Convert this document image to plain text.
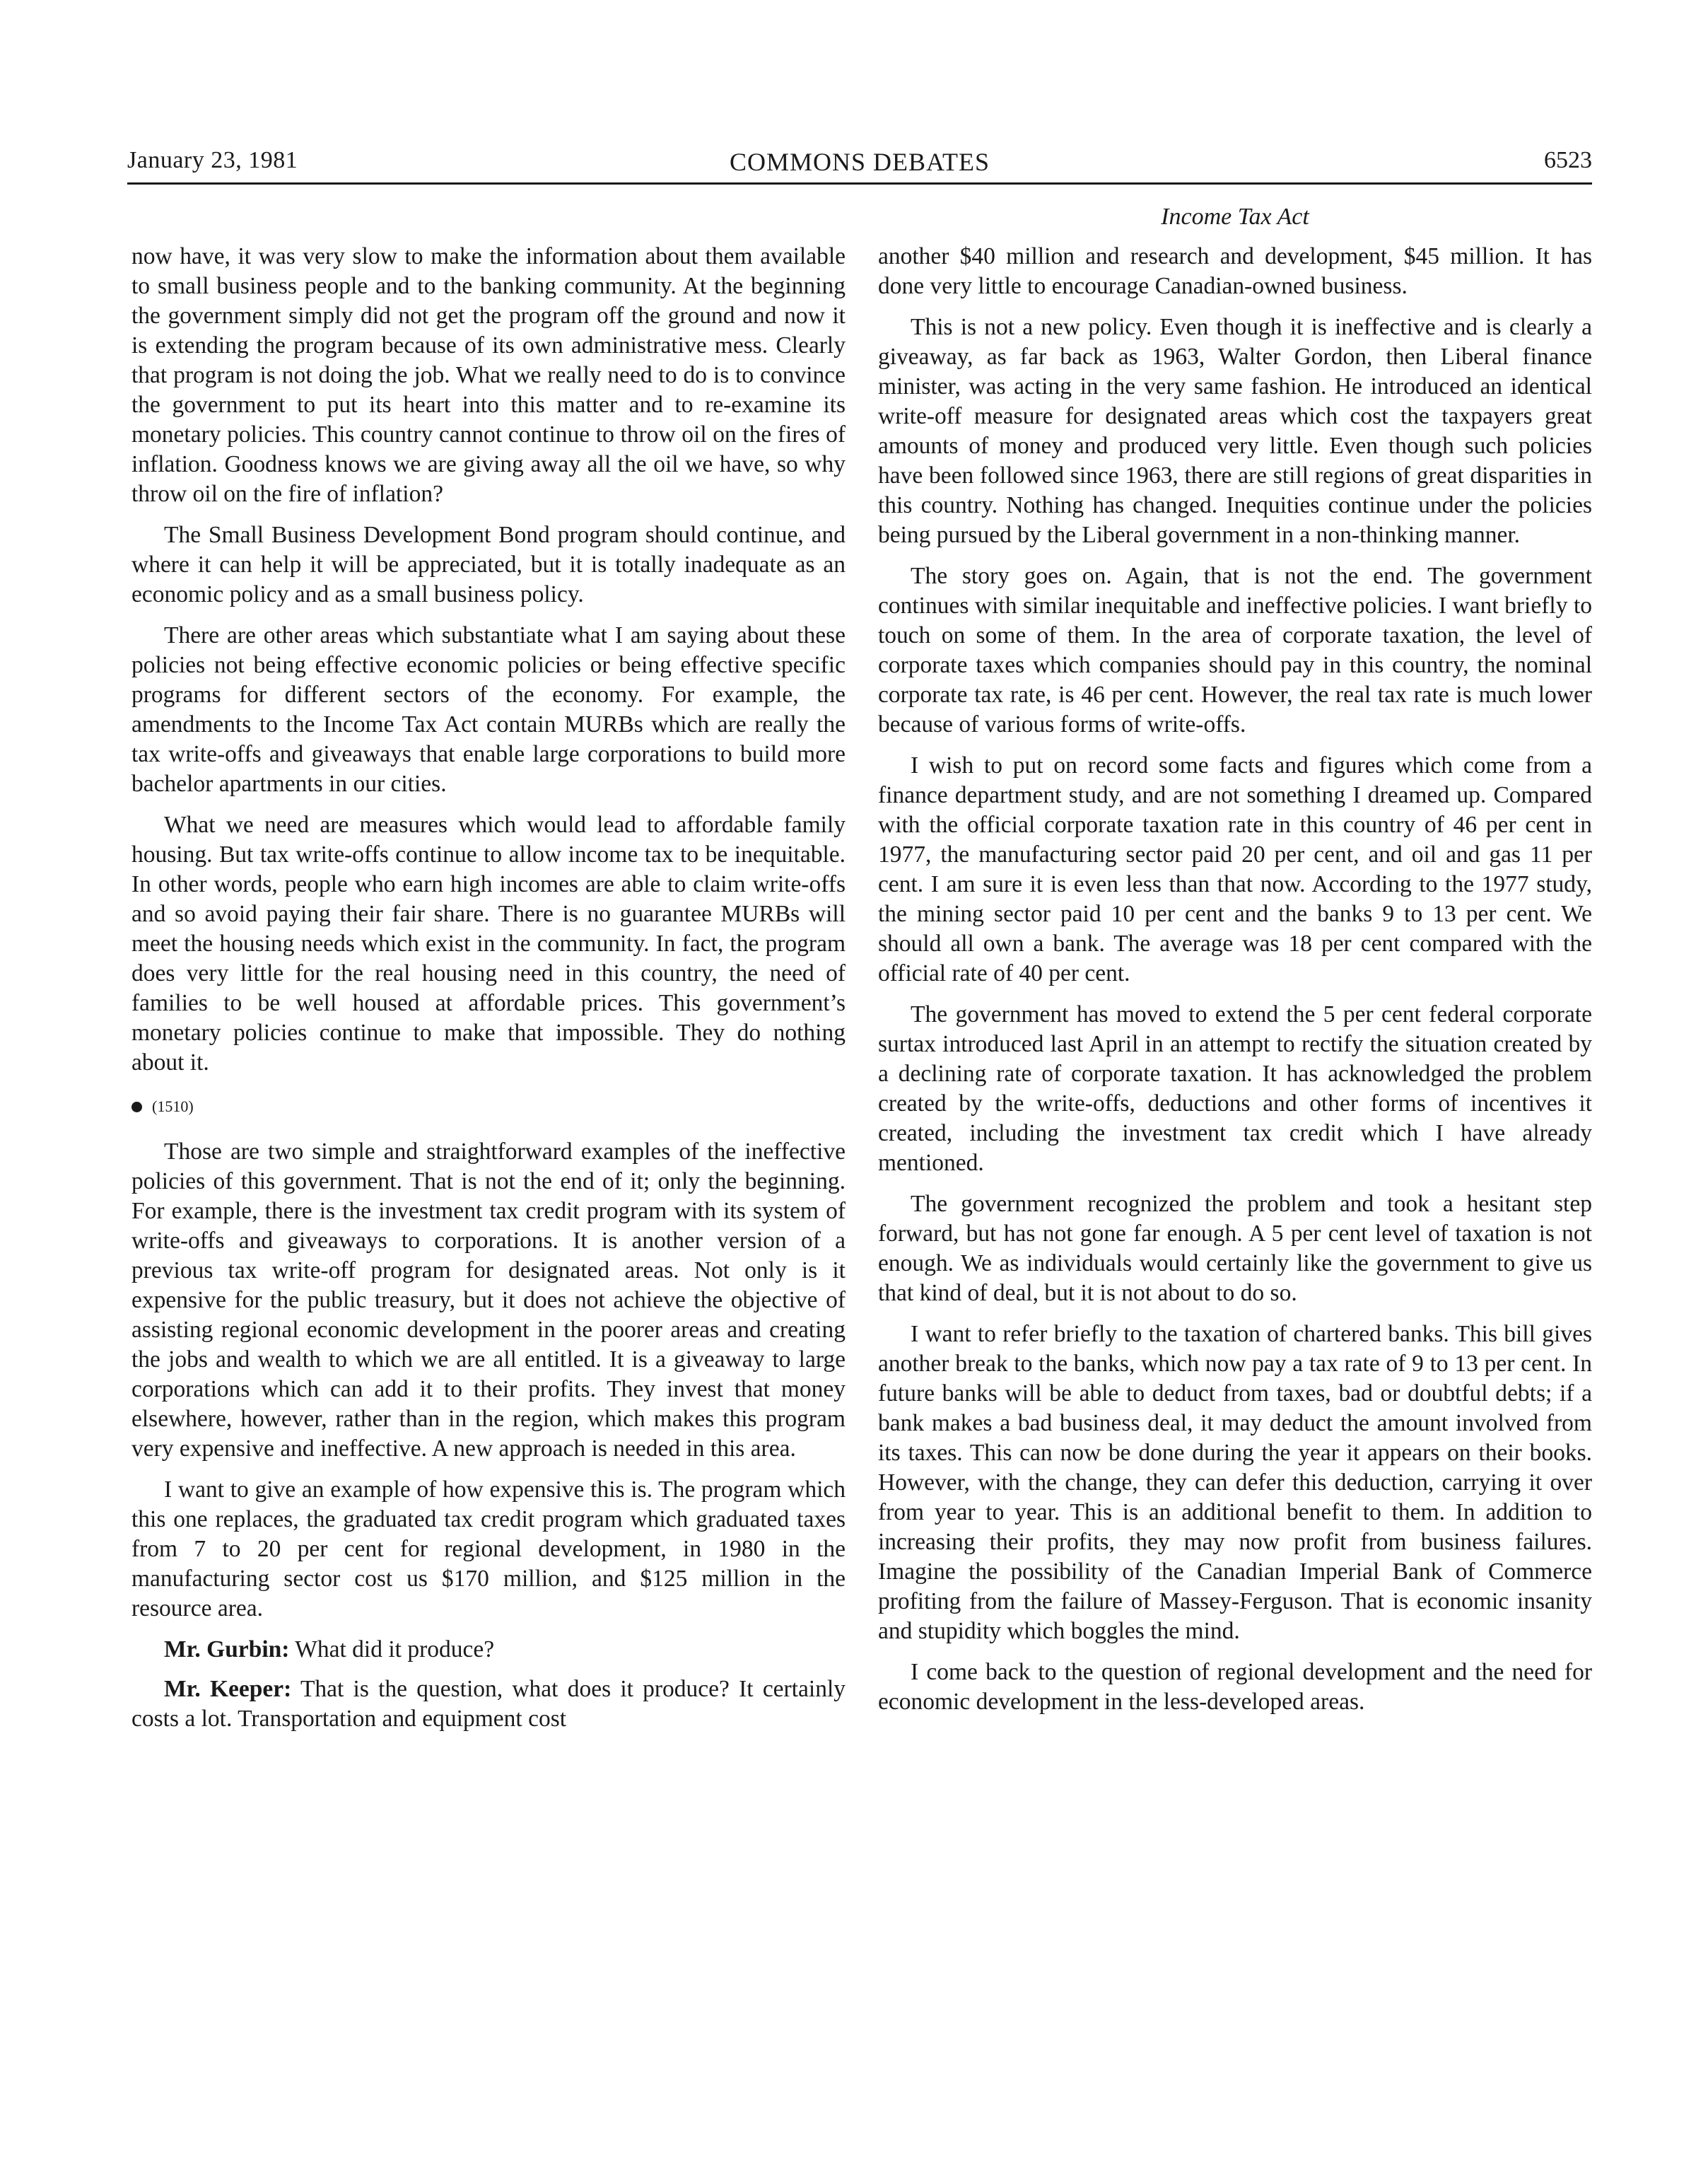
January 23, 1981	COMMONS DEBATES	6523
Income Tax Act

now have, it was very slow to make the information about them available to small business people and to the banking community. At the beginning the government simply did not get the program off the ground and now it is extending the program because of its own administrative mess. Clearly that program is not doing the job. What we really need to do is to convince the government to put its heart into this matter and to re-examine its monetary policies. This country cannot continue to throw oil on the fires of inflation. Goodness knows we are giving away all the oil we have, so why throw oil on the fire of inflation?

The Small Business Development Bond program should continue, and where it can help it will be appreciated, but it is totally inadequate as an economic policy and as a small business policy.

There are other areas which substantiate what I am saying about these policies not being effective economic policies or being effective specific programs for different sectors of the economy. For example, the amendments to the Income Tax Act contain MURBs which are really the tax write-offs and giveaways that enable large corporations to build more bachelor apartments in our cities.

What we need are measures which would lead to affordable family housing. But tax write-offs continue to allow income tax to be inequitable. In other words, people who earn high incomes are able to claim write-offs and so avoid paying their fair share. There is no guarantee MURBs will meet the housing needs which exist in the community. In fact, the program does very little for the real housing need in this country, the need of families to be well housed at affordable prices. This government’s monetary policies continue to make that impossible. They do nothing about it.

(1510)

Those are two simple and straightforward examples of the ineffective policies of this government. That is not the end of it; only the beginning. For example, there is the investment tax credit program with its system of write-offs and giveaways to corporations. It is another version of a previous tax write-off program for designated areas. Not only is it expensive for the public treasury, but it does not achieve the objective of assisting regional economic development in the poorer areas and creating the jobs and wealth to which we are all entitled. It is a giveaway to large corporations which can add it to their profits. They invest that money elsewhere, however, rather than in the region, which makes this program very expensive and ineffective. A new approach is needed in this area.

I want to give an example of how expensive this is. The program which this one replaces, the graduated tax credit program which graduated taxes from 7 to 20 per cent for regional development, in 1980 in the manufacturing sector cost us $170 million, and $125 million in the resource area.

Mr. Gurbin: What did it produce?

Mr. Keeper: That is the question, what does it produce? It certainly costs a lot. Transportation and equipment cost

another $40 million and research and development, $45 million. It has done very little to encourage Canadian-owned business.

This is not a new policy. Even though it is ineffective and is clearly a giveaway, as far back as 1963, Walter Gordon, then Liberal finance minister, was acting in the very same fashion. He introduced an identical write-off measure for designated areas which cost the taxpayers great amounts of money and produced very little. Even though such policies have been followed since 1963, there are still regions of great disparities in this country. Nothing has changed. Inequities continue under the policies being pursued by the Liberal government in a non-thinking manner.

The story goes on. Again, that is not the end. The government continues with similar inequitable and ineffective policies. I want briefly to touch on some of them. In the area of corporate taxation, the level of corporate taxes which companies should pay in this country, the nominal corporate tax rate, is 46 per cent. However, the real tax rate is much lower because of various forms of write-offs.

I wish to put on record some facts and figures which come from a finance department study, and are not something I dreamed up. Compared with the official corporate taxation rate in this country of 46 per cent in 1977, the manufacturing sector paid 20 per cent, and oil and gas 11 per cent. I am sure it is even less than that now. According to the 1977 study, the mining sector paid 10 per cent and the banks 9 to 13 per cent. We should all own a bank. The average was 18 per cent compared with the official rate of 40 per cent.

The government has moved to extend the 5 per cent federal corporate surtax introduced last April in an attempt to rectify the situation created by a declining rate of corporate taxation. It has acknowledged the problem created by the write-offs, deductions and other forms of incentives it created, including the investment tax credit which I have already mentioned.

The government recognized the problem and took a hesitant step forward, but has not gone far enough. A 5 per cent level of taxation is not enough. We as individuals would certainly like the government to give us that kind of deal, but it is not about to do so.

I want to refer briefly to the taxation of chartered banks. This bill gives another break to the banks, which now pay a tax rate of 9 to 13 per cent. In future banks will be able to deduct from taxes, bad or doubtful debts; if a bank makes a bad business deal, it may deduct the amount involved from its taxes. This can now be done during the year it appears on their books. However, with the change, they can defer this deduction, carrying it over from year to year. This is an additional benefit to them. In addition to increasing their profits, they may now profit from business failures. Imagine the possibility of the Canadian Imperial Bank of Commerce profiting from the failure of Massey-Ferguson. That is economic insanity and stupidity which boggles the mind.

I come back to the question of regional development and the need for economic development in the less-developed areas.
